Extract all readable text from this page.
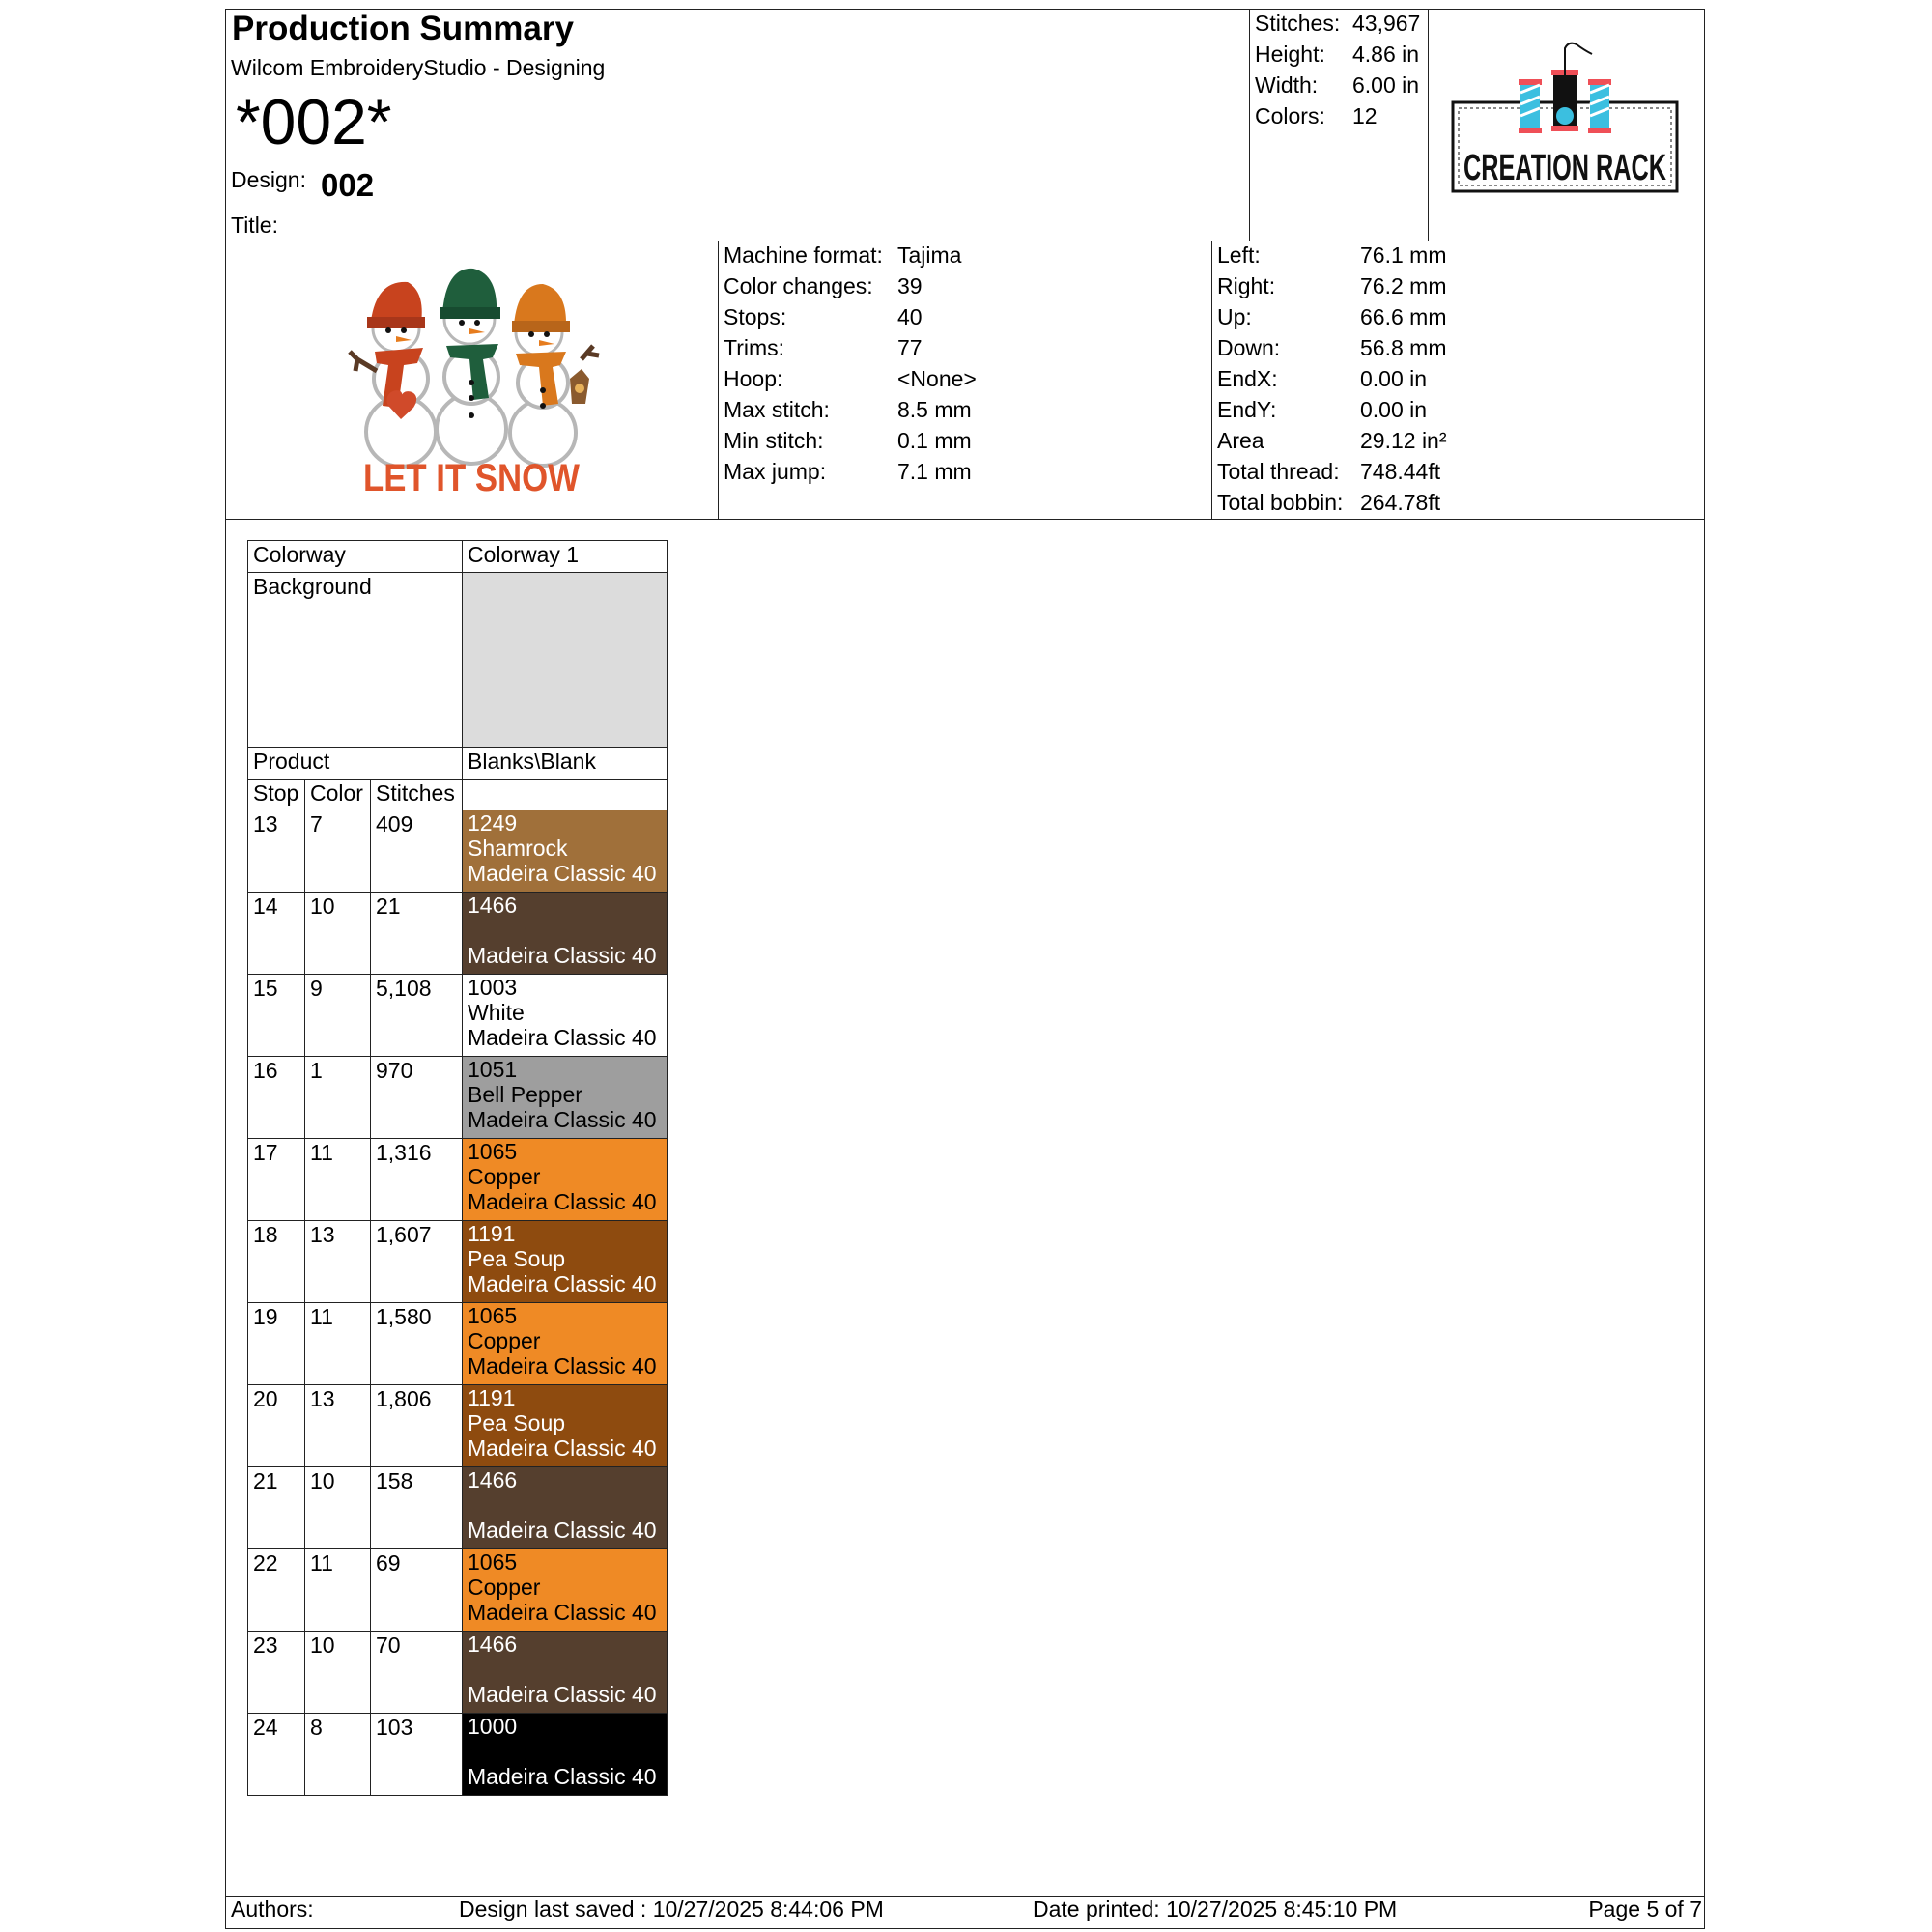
Production Summary
Wilcom EmbroideryStudio - Designing
*002*
Design: 002
Title:
Stitches: 43,967
Height:	4.86 in
Width:	6.00 in
Colors:	12
CREATION RACK
LET IT SNOW
Machine format: Tajima
Color changes:	39
Stops:	40
Trims:	77
Hoop:	<None>
Max stitch:	8.5 mm
Min stitch:	0.1 mm
Max jump:	7.1 mm
Left:	76.1 mm
Right:	76.2 mm
Up:	66.6 mm
Down:	56.8 mm
EndX:	0.00 in
EndY:	0.00 in
Area	29.12 in²
Total thread: 748.44ft
Total bobbin: 264.78ft
Colorway			Colorway 1
Background			
Product			Blanks\Blank
Stop	Color	Stitches	
13	7	409	1249
Shamrock
Madeira Classic 40

14	10	21	1466
Madeira Classic 40

15	9	5,108	1003
White
Madeira Classic 40

16	1	970	1051
Bell Pepper
Madeira Classic 40

17	11	1,316	1065
Copper
Madeira Classic 40

18	13	1,607	1191
Pea Soup
Madeira Classic 40

19	11	1,580	1065
Copper
Madeira Classic 40

20	13	1,806	1191
Pea Soup
Madeira Classic 40

21	10	158	1466
Madeira Classic 40

22	11	69	1065
Copper
Madeira Classic 40

23	10	70	1466
Madeira Classic 40

24	8	103	1000
Madeira Classic 40
Authors:	Design last saved : 10/27/2025 8:44:06 PM	Date printed: 10/27/2025 8:45:10 PM	Page 5 of 7
